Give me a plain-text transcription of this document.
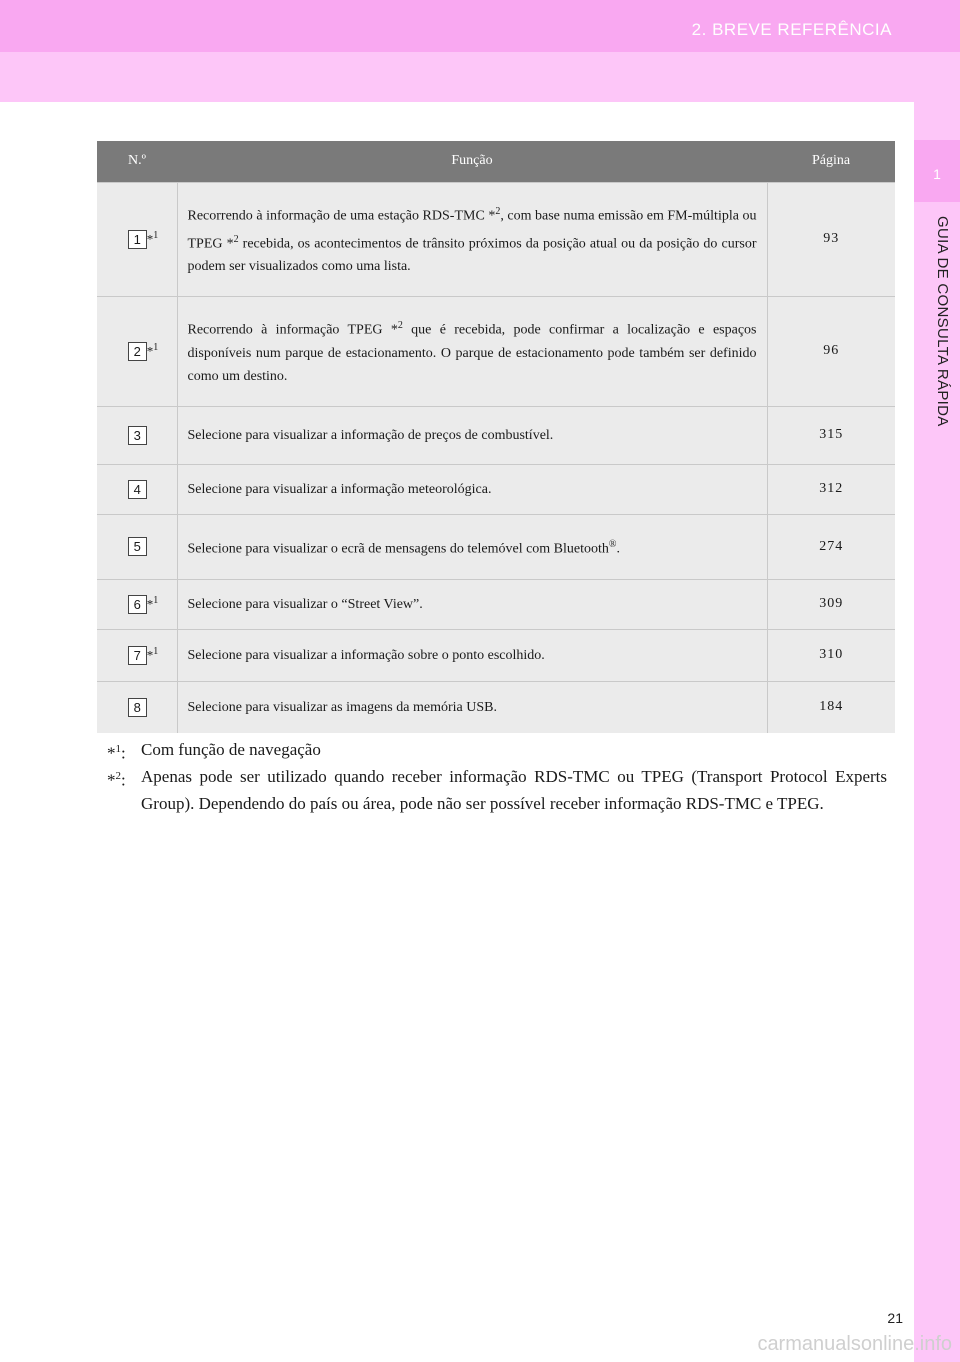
2. BREVE REFERÊNCIA
1
GUIA DE CONSULTA RÁPIDA
N.º	Função	Página
1 *$^1$	Recorrendo à informação de uma estação RDS-TMC *$^2$, com base numa emissão em FM-múltipla ou TPEG *$^2$ recebida, os acontecimentos de trânsito próximos da posição atual ou da posição do cursor podem ser visualizados como uma lista.	93
2 *$^1$	Recorrendo à informação TPEG *$^2$ que é recebida, pode confirmar a localização e espaços disponíveis num parque de estacionamento. O parque de estacionamento pode também ser definido como um destino.	96
3	Selecione para visualizar a informação de preços de combustível.	315
4	Selecione para visualizar a informação meteorológica.	312
5	Selecione para visualizar o ecrã de mensagens do telemóvel com Bluetooth®.	274
6 *$^1$	Selecione para visualizar o “Street View”.	309
7 *$^1$	Selecione para visualizar a informação sobre o ponto escolhido.	310
8	Selecione para visualizar as imagens da memória USB.	184
*$^1$: Com função de navegação
*$^2$: Apenas pode ser utilizado quando receber informação RDS-TMC ou TPEG (Transport Protocol Experts Group). Dependendo do país ou área, pode não ser possível receber informação RDS-TMC e TPEG.
21
carmanualsonline.info
